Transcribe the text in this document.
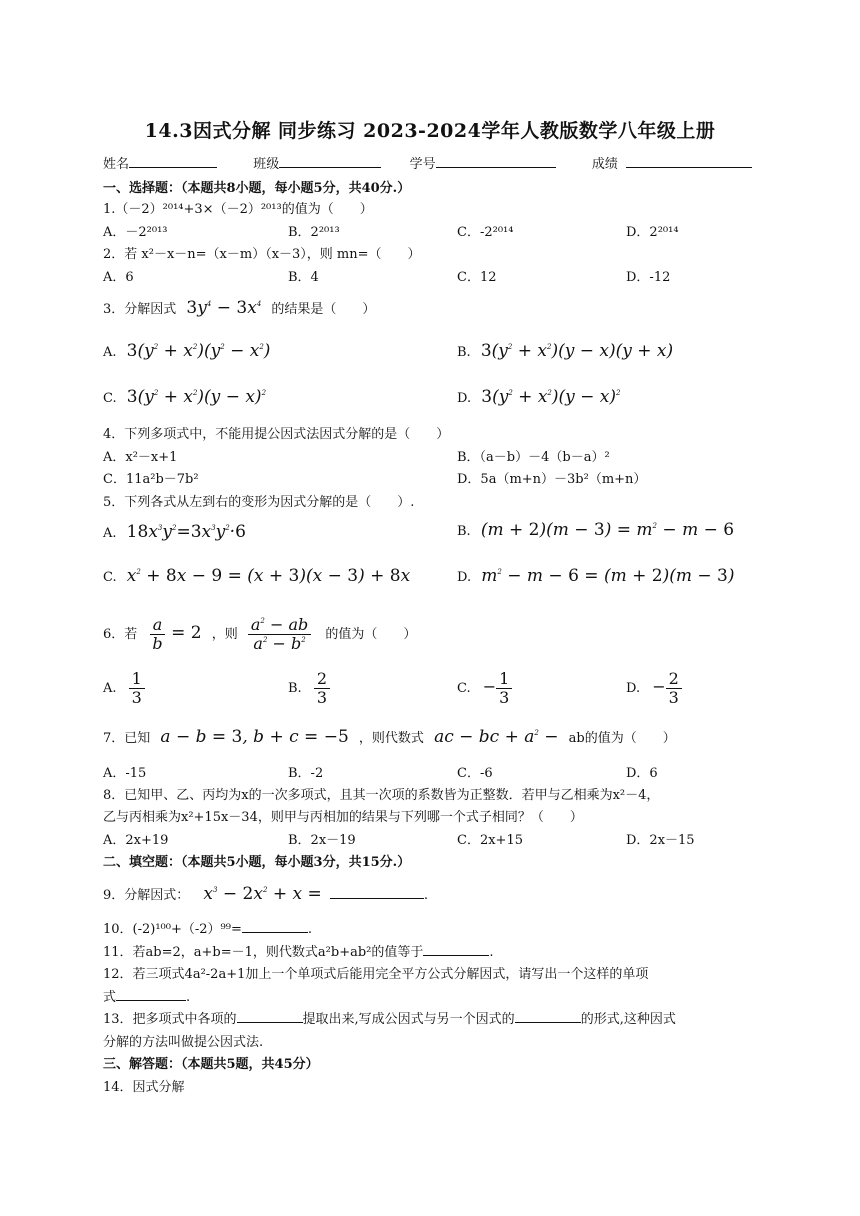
14.3因式分解 同步练习 2023-2024学年人教版数学八年级上册
姓名	班级	学号	成绩
一、选择题：（本题共8小题，每小题5分，共40分.）
1.（－2）²⁰¹⁴+3×（－2）²⁰¹³的值为（　　）
A．－2²⁰¹³	B．2²⁰¹³	C．-2²⁰¹⁴	D．2²⁰¹⁴
2．若 x²－x－n=（x－m）（x－3），则 mn=（　　）
A．6	B．4	C．12	D．-12
3．分解因式 $3y^4 - 3x^4$ 的结果是（　　）
A. $3(y^2 + x^2)(y^2 - x^2)$	B. $3(y^2 + x^2)(y - x)(y + x)$
C. $3(y^2 + x^2)(y - x)^2$	D. $3(y^2 + x^2)(y - x)^2$
4．下列多项式中，不能用提公因式法因式分解的是（　　）
A．x²－x+1	B．（a－b）－4（b－a）²
C．11a²b－7b²	D．5a（m+n）－3b²（m+n）
5．下列各式从左到右的变形为因式分解的是（　　）.
A. $18x^3y^2=3x^3y^2\cdot 6$	B. $(m + 2)(m - 3) = m^2 - m - 6$
C. $x^2 + 8x - 9 = (x + 3)(x - 3) + 8x$	D. $m^2 - m - 6 = (m + 2)(m - 3)$
6．若 $\frac{a}{b} = 2$ ，则 $\frac{a^2 - ab}{a^2 - b^2}$ 的值为（　　）
A. $\frac{1}{3}$	B. $\frac{2}{3}$	C. − $\frac{1}{3}$	D. − $\frac{2}{3}$
7．已知 a − b = 3, b + c = −5 ，则代数式 ac − bc + $a^2$ − ab的值为（　　）
A．-15	B．-2	C．-6	D．6
8．已知甲、乙、丙均为x的一次多项式，且其一次项的系数皆为正整数．若甲与乙相乘为x²－4，
乙与丙相乘为x²+15x－34，则甲与丙相加的结果与下列哪一个式子相同？（　　）
A．2x+19	B．2x－19	C．2x+15	D．2x－15
二、填空题：（本题共5小题，每小题3分，共15分.）
9．分解因式： $x^3 - 2x^2 + x$ =	.
10．(-2)¹⁰⁰+（-2）⁹⁹=	.
11．若ab=2，a+b=－1，则代数式a²b+ab²的值等于	.
12．若三项式4a²-2a+1加上一个单项式后能用完全平方公式分解因式，请写出一个这样的单项
式	.
13．把多项式中各项的	提取出来,写成公因式与另一个因式的	的形式,这种因式
分解的方法叫做提公因式法.
三、解答题：（本题共5题，共45分）
14．因式分解
